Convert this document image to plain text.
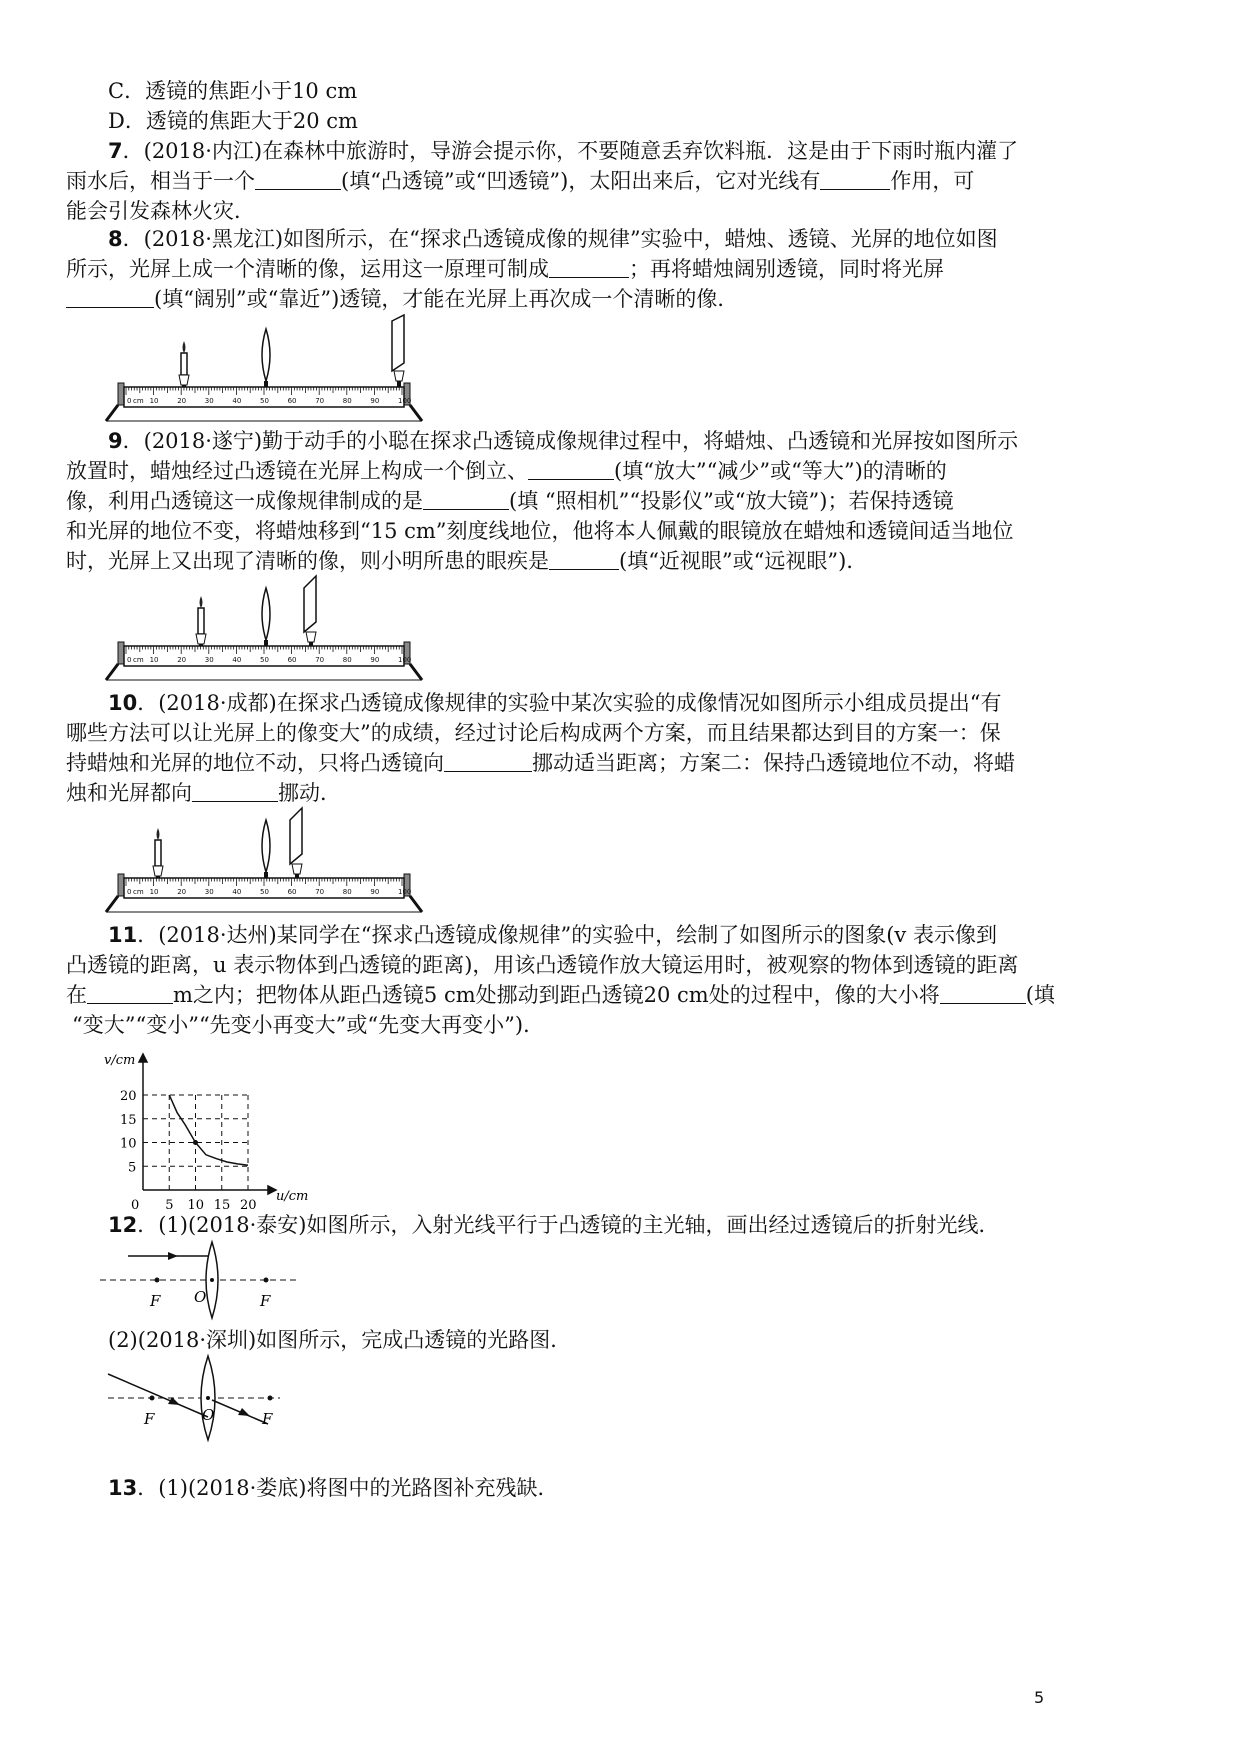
C．透镜的焦距小于10 cm
D．透镜的焦距大于20 cm
7．(2018·内江)在森林中旅游时，导游会提示你，不要随意丢弃饮料瓶．这是由于下雨时瓶内灌了
雨水后，相当于一个	(填“凸透镜”或“凹透镜”)，太阳出来后，它对光线有	作用，可
能会引发森林火灾．
8．(2018·黑龙江)如图所示，在“探求凸透镜成像的规律”实验中，蜡烛、透镜、光屏的地位如图
所示，光屏上成一个清晰的像，运用这一原理可制成	；再将蜡烛阔别透镜，同时将光屏
(填“阔别”或“靠近”)透镜，才能在光屏上再次成一个清晰的像．
0	10	20	30	40	50	60	70	80	90	100
cm
9．(2018·遂宁)勤于动手的小聪在探求凸透镜成像规律过程中，将蜡烛、凸透镜和光屏按如图所示
放置时，蜡烛经过凸透镜在光屏上构成一个倒立、	(填“放大”“减少”或“等大”)的清晰的
像，利用凸透镜这一成像规律制成的是	(填 “照相机”“投影仪”或“放大镜”)；若保持透镜
和光屏的地位不变，将蜡烛移到“15 cm”刻度线地位，他将本人佩戴的眼镜放在蜡烛和透镜间适当地位
时，光屏上又出现了清晰的像，则小明所患的眼疾是	(填“近视眼”或“远视眼”)．
0	10	20	30	40	50	60	70	80	90	100
cm
10．(2018·成都)在探求凸透镜成像规律的实验中某次实验的成像情况如图所示小组成员提出“有
哪些方法可以让光屏上的像变大”的成绩，经过讨论后构成两个方案，而且结果都达到目的方案一：保
持蜡烛和光屏的地位不动，只将凸透镜向	挪动适当距离；方案二：保持凸透镜地位不动，将蜡
烛和光屏都向	挪动．
0	10	20	30	40	50	60	70	80	90	100
cm
11．(2018·达州)某同学在“探求凸透镜成像规律”的实验中，绘制了如图所示的图象(v 表示像到
凸透镜的距离，u 表示物体到凸透镜的距离)，用该凸透镜作放大镜运用时，被观察的物体到透镜的距离
在	m之内；把物体从距凸透镜5 cm处挪动到距凸透镜20 cm处的过程中，像的大小将	(填
“变大”“变小”“先变小再变大”或“先变大再变小”)．
v/cm
u/cm
0 5 10 15 20
5
10
15
20
12．(1)(2018·泰安)如图所示，入射光线平行于凸透镜的主光轴，画出经过透镜后的折射光线．
F O	F
(2)(2018·深圳)如图所示，完成凸透镜的光路图．
F	O	F
13．(1)(2018·娄底)将图中的光路图补充残缺．
5
